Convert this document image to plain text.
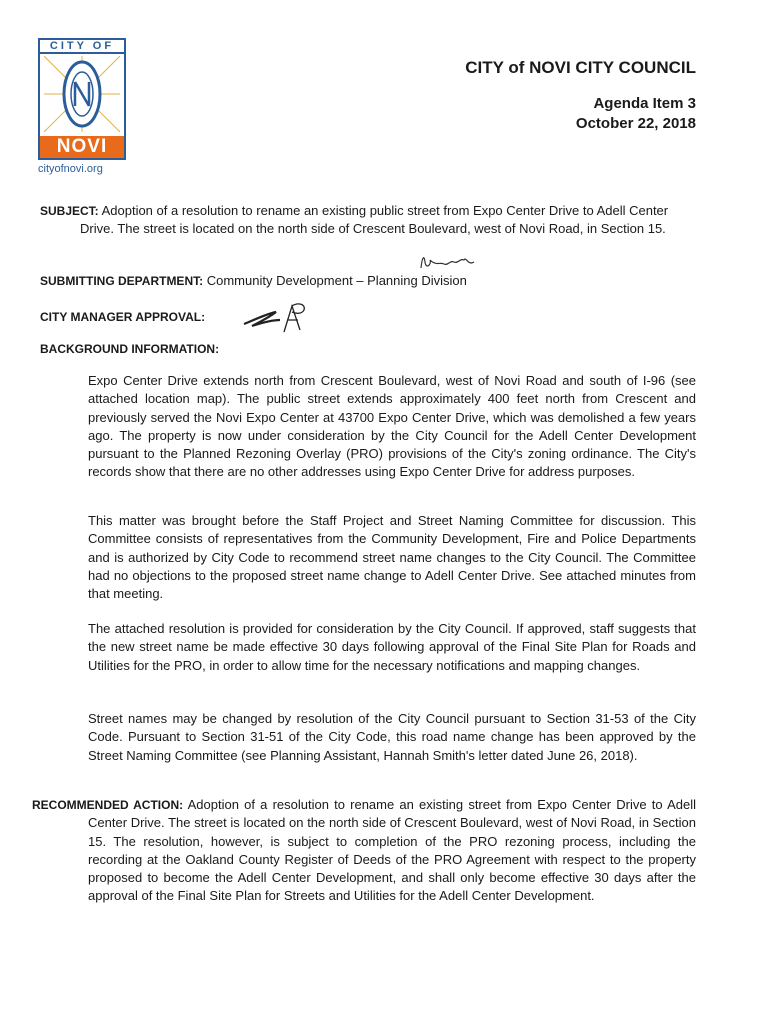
CITY OF
NOVI
cityofnovi.org
CITY of NOVI CITY COUNCIL
Agenda Item 3
October 22, 2018
SUBJECT: Adoption of a resolution to rename an existing public street from Expo Center Drive to Adell Center Drive. The street is located on the north side of Crescent Boulevard, west of Novi Road, in Section 15.
SUBMITTING DEPARTMENT: Community Development – Planning Division
CITY MANAGER APPROVAL:
BACKGROUND INFORMATION:

Expo Center Drive extends north from Crescent Boulevard, west of Novi Road and south of I-96 (see attached location map). The public street extends approximately 400 feet north from Crescent and previously served the Novi Expo Center at 43700 Expo Center Drive, which was demolished a few years ago. The property is now under consideration by the City Council for the Adell Center Development pursuant to the Planned Rezoning Overlay (PRO) provisions of the City's zoning ordinance. The City's records show that there are no other addresses using Expo Center Drive for address purposes.

This matter was brought before the Staff Project and Street Naming Committee for discussion. This Committee consists of representatives from the Community Development, Fire and Police Departments and is authorized by City Code to recommend street name changes to the City Council. The Committee had no objections to the proposed street name change to Adell Center Drive. See attached minutes from that meeting.

The attached resolution is provided for consideration by the City Council. If approved, staff suggests that the new street name be made effective 30 days following approval of the Final Site Plan for Roads and Utilities for the PRO, in order to allow time for the necessary notifications and mapping changes.

Street names may be changed by resolution of the City Council pursuant to Section 31-53 of the City Code. Pursuant to Section 31-51 of the City Code, this road name change has been approved by the Street Naming Committee (see Planning Assistant, Hannah Smith's letter dated June 26, 2018).

RECOMMENDED ACTION: Adoption of a resolution to rename an existing street from Expo Center Drive to Adell Center Drive. The street is located on the north side of Crescent Boulevard, west of Novi Road, in Section 15. The resolution, however, is subject to completion of the PRO rezoning process, including the recording at the Oakland County Register of Deeds of the PRO Agreement with respect to the property proposed to become the Adell Center Development, and shall only become effective 30 days after the approval of the Final Site Plan for Streets and Utilities for the Adell Center Development.
